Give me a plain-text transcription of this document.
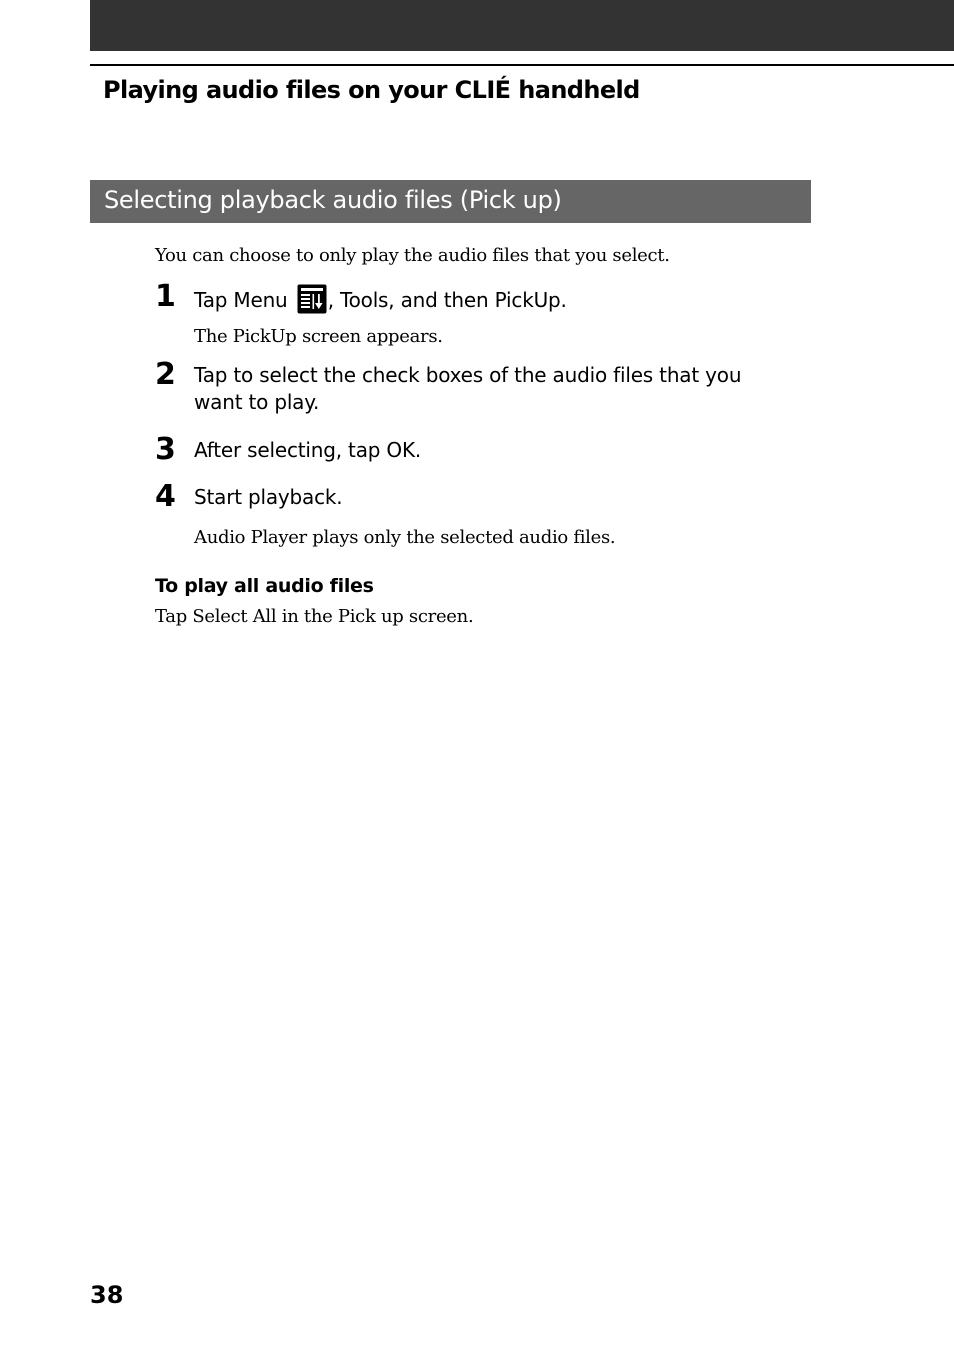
Playing audio files on your CLIÉ handheld
Selecting playback audio files (Pick up)

You can choose to only play the audio files that you select.

1 Tap Menu , Tools, and then PickUp.

The PickUp screen appears.

2 Tap to select the check boxes of the audio files that you
want to play.

3 After selecting, tap OK.

4 Start playback.

Audio Player plays only the selected audio files.

To play all audio files

Tap Select All in the Pick up screen.

38
